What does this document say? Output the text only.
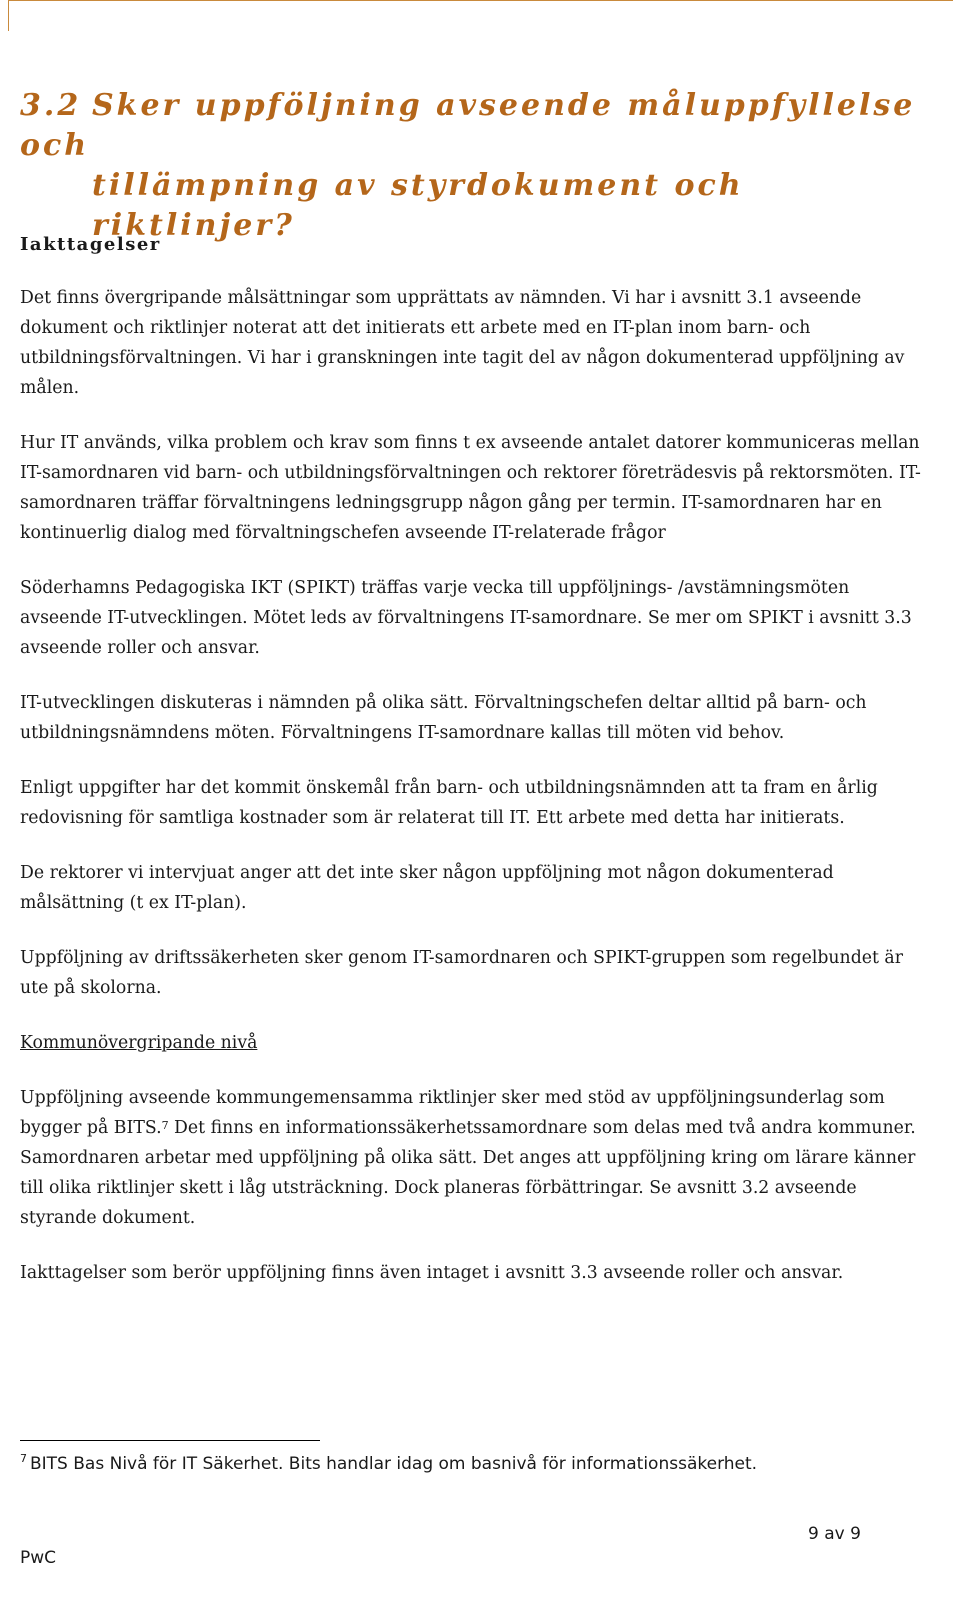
3.2 Sker uppföljning avseende måluppfyllelse och
tillämpning av styrdokument och riktlinjer?
Iakttagelser

Det finns övergripande målsättningar som upprättats av nämnden. Vi har i avsnitt 3.1 avseende dokument och riktlinjer noterat att det initierats ett arbete med en IT-plan inom barn- och utbildningsförvaltningen. Vi har i granskningen inte tagit del av någon dokumenterad uppföljning av målen.

Hur IT används, vilka problem och krav som finns t ex avseende antalet datorer kommuniceras mellan IT-samordnaren vid barn- och utbildningsförvaltningen och rektorer företrädesvis på rektorsmöten. IT-samordnaren träffar förvaltningens ledningsgrupp någon gång per termin. IT-samordnaren har en kontinuerlig dialog med förvaltningschefen avseende IT-relaterade frågor

Söderhamns Pedagogiska IKT (SPIKT) träffas varje vecka till uppföljnings- /avstämningsmöten avseende IT-utvecklingen. Mötet leds av förvaltningens IT-samordnare. Se mer om SPIKT i avsnitt 3.3 avseende roller och ansvar.

IT-utvecklingen diskuteras i nämnden på olika sätt. Förvaltningschefen deltar alltid på barn- och utbildningsnämndens möten. Förvaltningens IT-samordnare kallas till möten vid behov.

Enligt uppgifter har det kommit önskemål från barn- och utbildningsnämnden att ta fram en årlig redovisning för samtliga kostnader som är relaterat till IT. Ett arbete med detta har initierats.

De rektorer vi intervjuat anger att det inte sker någon uppföljning mot någon dokumenterad målsättning (t ex IT-plan).

Uppföljning av driftssäkerheten sker genom IT-samordnaren och SPIKT-gruppen som regelbundet är ute på skolorna.

Kommunövergripande nivå

Uppföljning avseende kommungemensamma riktlinjer sker med stöd av uppföljningsunderlag som bygger på BITS.$^7$ Det finns en informationssäkerhetssamordnare som delas med två andra kommuner. Samordnaren arbetar med uppföljning på olika sätt. Det anges att uppföljning kring om lärare känner till olika riktlinjer skett i låg utsträckning. Dock planeras förbättringar. Se avsnitt 3.2 avseende styrande dokument.

Iakttagelser som berör uppföljning finns även intaget i avsnitt 3.3 avseende roller och ansvar.

$^7$ BITS Bas Nivå för IT Säkerhet. Bits handlar idag om basnivå för informationssäkerhet.
9 av 9
PwC
